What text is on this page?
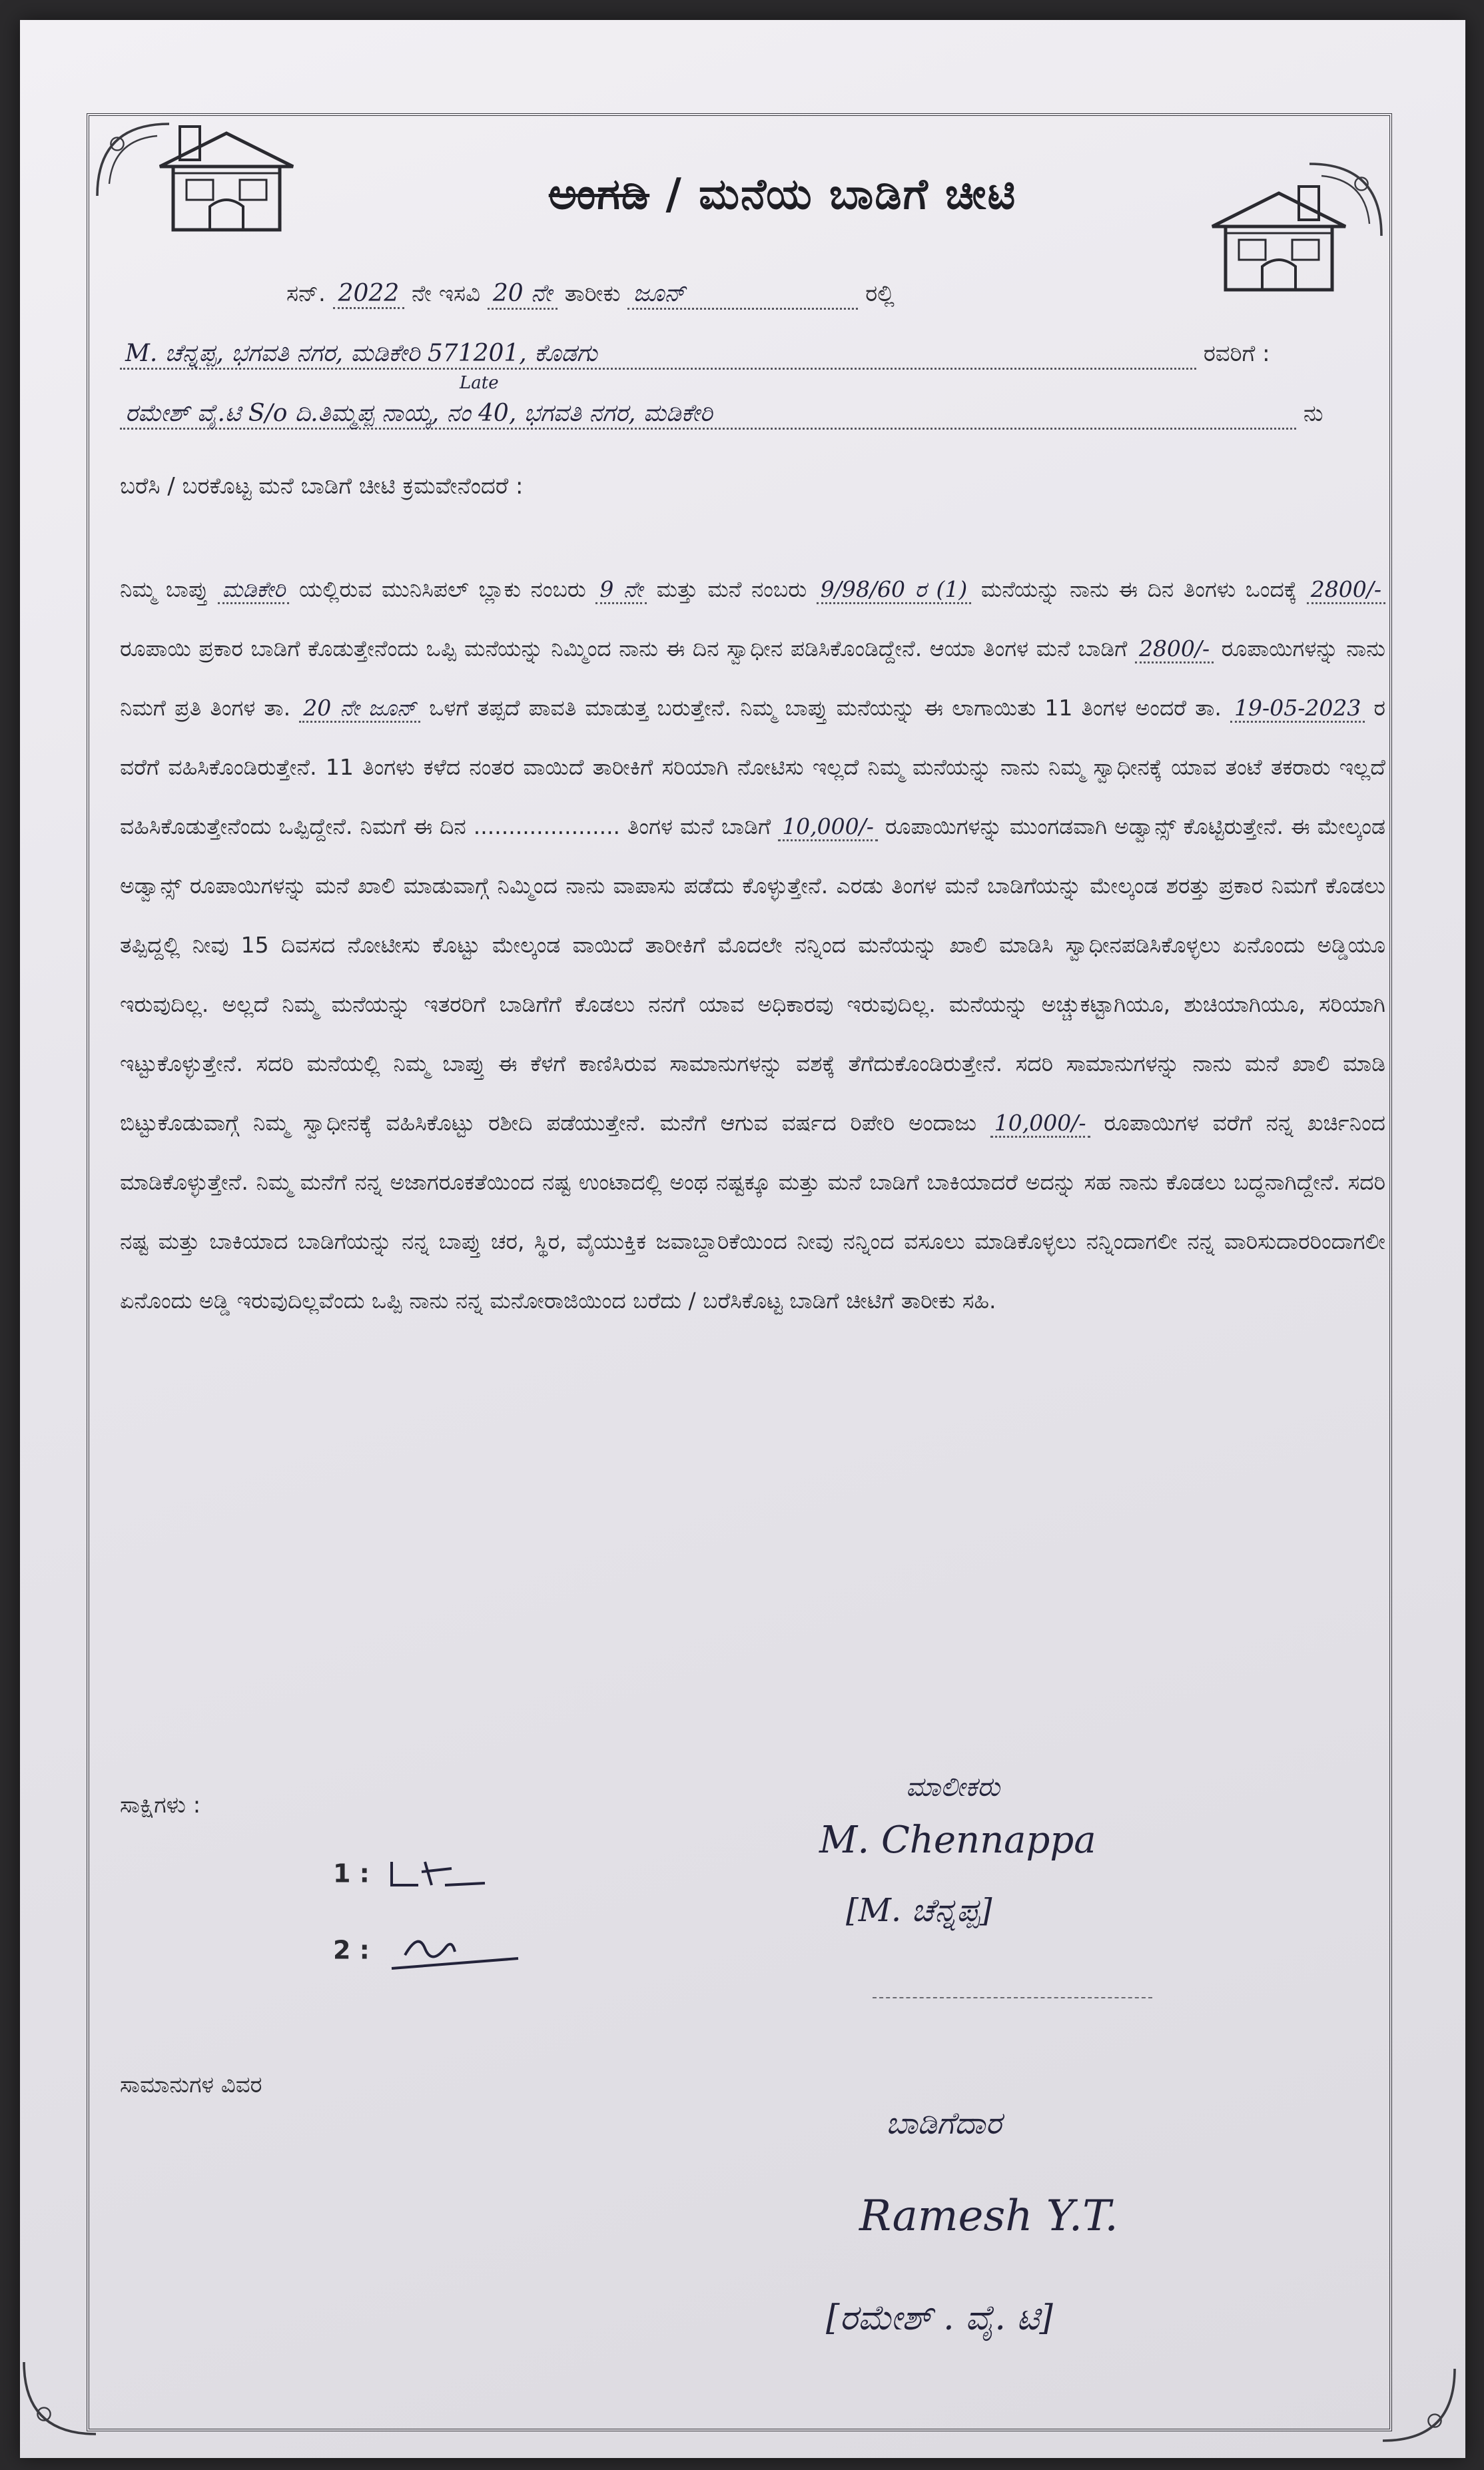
ಅಂಗಡಿ / ಮನೆಯ ಬಾಡಿಗೆ ಚೀಟಿ
ಸನ್. 2022 ನೇ ಇಸವಿ 20 ನೇ ತಾರೀಕು ಜೂನ್	ರಲ್ಲಿ
M. ಚೆನ್ನಪ್ಪ, ಭಗವತಿ ನಗರ, ಮಡಿಕೇರಿ 571201, ಕೊಡಗು	ರವರಿಗೆ :
Late
ರಮೇಶ್ ವೈ.ಟಿ S/o ದಿ.ತಿಮ್ಮಪ್ಪ ನಾಯ್ಕ, ನಂ 40, ಭಗವತಿ ನಗರ, ಮಡಿಕೇರಿ	ನು
ಬರೆಸಿ / ಬರಕೊಟ್ಟ ಮನೆ ಬಾಡಿಗೆ ಚೀಟಿ ಕ್ರಮವೇನೆಂದರೆ :
ನಿಮ್ಮ ಬಾಪ್ತು ಮಡಿಕೇರಿ ಯಲ್ಲಿರುವ ಮುನಿಸಿಪಲ್ ಬ್ಲಾಕು ನಂಬರು 9 ನೇ ಮತ್ತು ಮನೆ ನಂಬರು 9/98/60 ರ (1) ಮನೆಯನ್ನು ನಾನು ಈ ದಿನ ತಿಂಗಳು ಒಂದಕ್ಕೆ 2800/- ರೂಪಾಯಿ ಪ್ರಕಾರ ಬಾಡಿಗೆ ಕೊಡುತ್ತೇನೆಂದು ಒಪ್ಪಿ ಮನೆಯನ್ನು ನಿಮ್ಮಿಂದ ನಾನು ಈ ದಿನ ಸ್ವಾಧೀನ ಪಡಿಸಿಕೊಂಡಿದ್ದೇನೆ. ಆಯಾ ತಿಂಗಳ ಮನೆ ಬಾಡಿಗೆ 2800/- ರೂಪಾಯಿಗಳನ್ನು ನಾನು ನಿಮಗೆ ಪ್ರತಿ ತಿಂಗಳ ತಾ. 20 ನೇ ಜೂನ್ ಒಳಗೆ ತಪ್ಪದೆ ಪಾವತಿ ಮಾಡುತ್ತ ಬರುತ್ತೇನೆ. ನಿಮ್ಮ ಬಾಪ್ತು ಮನೆಯನ್ನು ಈ ಲಾಗಾಯಿತು 11 ತಿಂಗಳ ಅಂದರೆ ತಾ. 19-05-2023 ರ ವರೆಗೆ ವಹಿಸಿಕೊಂಡಿರುತ್ತೇನೆ. 11 ತಿಂಗಳು ಕಳೆದ ನಂತರ ವಾಯಿದೆ ತಾರೀಕಿಗೆ ಸರಿಯಾಗಿ ನೋಟಿಸು ಇಲ್ಲದೆ ನಿಮ್ಮ ಮನೆಯನ್ನು ನಾನು ನಿಮ್ಮ ಸ್ವಾಧೀನಕ್ಕೆ ಯಾವ ತಂಟೆ ತಕರಾರು ಇಲ್ಲದೆ ವಹಿಸಿಕೊಡುತ್ತೇನೆಂದು ಒಪ್ಪಿದ್ದೇನೆ. ನಿಮಗೆ ಈ ದಿನ ..................... ತಿಂಗಳ ಮನೆ ಬಾಡಿಗೆ 10,000/- ರೂಪಾಯಿಗಳನ್ನು ಮುಂಗಡವಾಗಿ ಅಡ್ವಾನ್ಸ್ ಕೊಟ್ಟಿರುತ್ತೇನೆ. ಈ ಮೇಲ್ಕಂಡ ಅಡ್ವಾನ್ಸ್ ರೂಪಾಯಿಗಳನ್ನು ಮನೆ ಖಾಲಿ ಮಾಡುವಾಗ್ಗೆ ನಿಮ್ಮಿಂದ ನಾನು ವಾಪಾಸು ಪಡೆದು ಕೊಳ್ಳುತ್ತೇನೆ. ಎರಡು ತಿಂಗಳ ಮನೆ ಬಾಡಿಗೆಯನ್ನು ಮೇಲ್ಕಂಡ ಶರತ್ತು ಪ್ರಕಾರ ನಿಮಗೆ ಕೊಡಲು ತಪ್ಪಿದ್ದಲ್ಲಿ ನೀವು 15 ದಿವಸದ ನೋಟೀಸು ಕೊಟ್ಟು ಮೇಲ್ಕಂಡ ವಾಯಿದೆ ತಾರೀಕಿಗೆ ಮೊದಲೇ ನನ್ನಿಂದ ಮನೆಯನ್ನು ಖಾಲಿ ಮಾಡಿಸಿ ಸ್ವಾಧೀನಪಡಿಸಿಕೊಳ್ಳಲು ಏನೊಂದು ಅಡ್ಡಿಯೂ ಇರುವುದಿಲ್ಲ. ಅಲ್ಲದೆ ನಿಮ್ಮ ಮನೆಯನ್ನು ಇತರರಿಗೆ ಬಾಡಿಗೆಗೆ ಕೊಡಲು ನನಗೆ ಯಾವ ಅಧಿಕಾರವು ಇರುವುದಿಲ್ಲ. ಮನೆಯನ್ನು ಅಚ್ಚುಕಟ್ಟಾಗಿಯೂ, ಶುಚಿಯಾಗಿಯೂ, ಸರಿಯಾಗಿ ಇಟ್ಟುಕೊಳ್ಳುತ್ತೇನೆ. ಸದರಿ ಮನೆಯಲ್ಲಿ ನಿಮ್ಮ ಬಾಪ್ತು ಈ ಕೆಳಗೆ ಕಾಣಿಸಿರುವ ಸಾಮಾನುಗಳನ್ನು ವಶಕ್ಕೆ ತೆಗೆದುಕೊಂಡಿರುತ್ತೇನೆ. ಸದರಿ ಸಾಮಾನುಗಳನ್ನು ನಾನು ಮನೆ ಖಾಲಿ ಮಾಡಿ ಬಿಟ್ಟುಕೊಡುವಾಗ್ಗೆ ನಿಮ್ಮ ಸ್ವಾಧೀನಕ್ಕೆ ವಹಿಸಿಕೊಟ್ಟು ರಶೀದಿ ಪಡೆಯುತ್ತೇನೆ. ಮನೆಗೆ ಆಗುವ ವರ್ಷದ ರಿಪೇರಿ ಅಂದಾಜು 10,000/- ರೂಪಾಯಿಗಳ ವರೆಗೆ ನನ್ನ ಖರ್ಚಿನಿಂದ ಮಾಡಿಕೊಳ್ಳುತ್ತೇನೆ. ನಿಮ್ಮ ಮನೆಗೆ ನನ್ನ ಅಜಾಗರೂಕತೆಯಿಂದ ನಷ್ಟ ಉಂಟಾದಲ್ಲಿ ಅಂಥ ನಷ್ಟಕ್ಕೂ ಮತ್ತು ಮನೆ ಬಾಡಿಗೆ ಬಾಕಿಯಾದರೆ ಅದನ್ನು ಸಹ ನಾನು ಕೊಡಲು ಬದ್ಧನಾಗಿದ್ದೇನೆ. ಸದರಿ ನಷ್ಟ ಮತ್ತು ಬಾಕಿಯಾದ ಬಾಡಿಗೆಯನ್ನು ನನ್ನ ಬಾಪ್ತು ಚರ, ಸ್ಥಿರ, ವೈಯುಕ್ತಿಕ ಜವಾಬ್ದಾರಿಕೆಯಿಂದ ನೀವು ನನ್ನಿಂದ ವಸೂಲು ಮಾಡಿಕೊಳ್ಳಲು ನನ್ನಿಂದಾಗಲೀ ನನ್ನ ವಾರಿಸುದಾರರಿಂದಾಗಲೀ ಏನೊಂದು ಅಡ್ಡಿ ಇರುವುದಿಲ್ಲವೆಂದು ಒಪ್ಪಿ ನಾನು ನನ್ನ ಮನೋರಾಜಿಯಿಂದ ಬರೆದು / ಬರೆಸಿಕೊಟ್ಟ ಬಾಡಿಗೆ ಚೀಟಿಗೆ ತಾರೀಕು ಸಹಿ.
ಸಾಕ್ಷಿಗಳು :
1 :
2 :
ಮಾಲೀಕರು
M. Chennappa
[M. ಚೆನ್ನಪ್ಪ]
ಸಾಮಾನುಗಳ ವಿವರ
ಬಾಡಿಗೆದಾರ
Ramesh Y.T.
[ರಮೇಶ್ . ವೈ. ಟಿ]
